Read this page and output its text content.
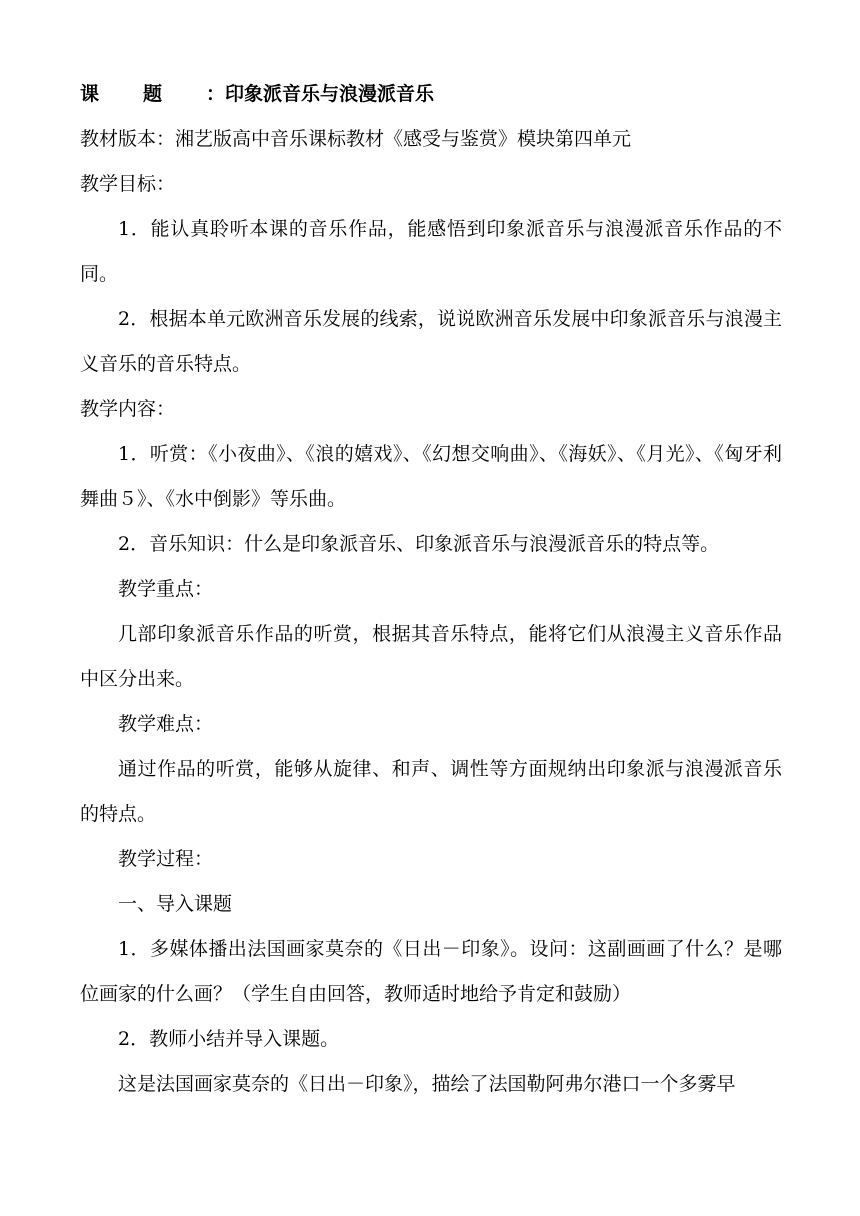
课题：印象派音乐与浪漫派音乐

教材版本：湘艺版高中音乐课标教材《感受与鉴赏》模块第四单元

教学目标：

1．能认真聆听本课的音乐作品，能感悟到印象派音乐与浪漫派音乐作品的不同。

2．根据本单元欧洲音乐发展的线索，说说欧洲音乐发展中印象派音乐与浪漫主义音乐的音乐特点。

教学内容：

1．听赏：《小夜曲》、《浪的嬉戏》、《幻想交响曲》、《海妖》、《月光》、《匈牙利舞曲５》、《水中倒影》等乐曲。

2．音乐知识：什么是印象派音乐、印象派音乐与浪漫派音乐的特点等。

教学重点：

几部印象派音乐作品的听赏，根据其音乐特点，能将它们从浪漫主义音乐作品中区分出来。

教学难点：

通过作品的听赏，能够从旋律、和声、调性等方面规纳出印象派与浪漫派音乐的特点。

教学过程：

一、导入课题

1．多媒体播出法国画家莫奈的《日出－印象》。设问：这副画画了什么？是哪位画家的什么画？（学生自由回答，教师适时地给予肯定和鼓励）

2．教师小结并导入课题。

这是法国画家莫奈的《日出－印象》，描绘了法国勒阿弗尔港口一个多雾早
